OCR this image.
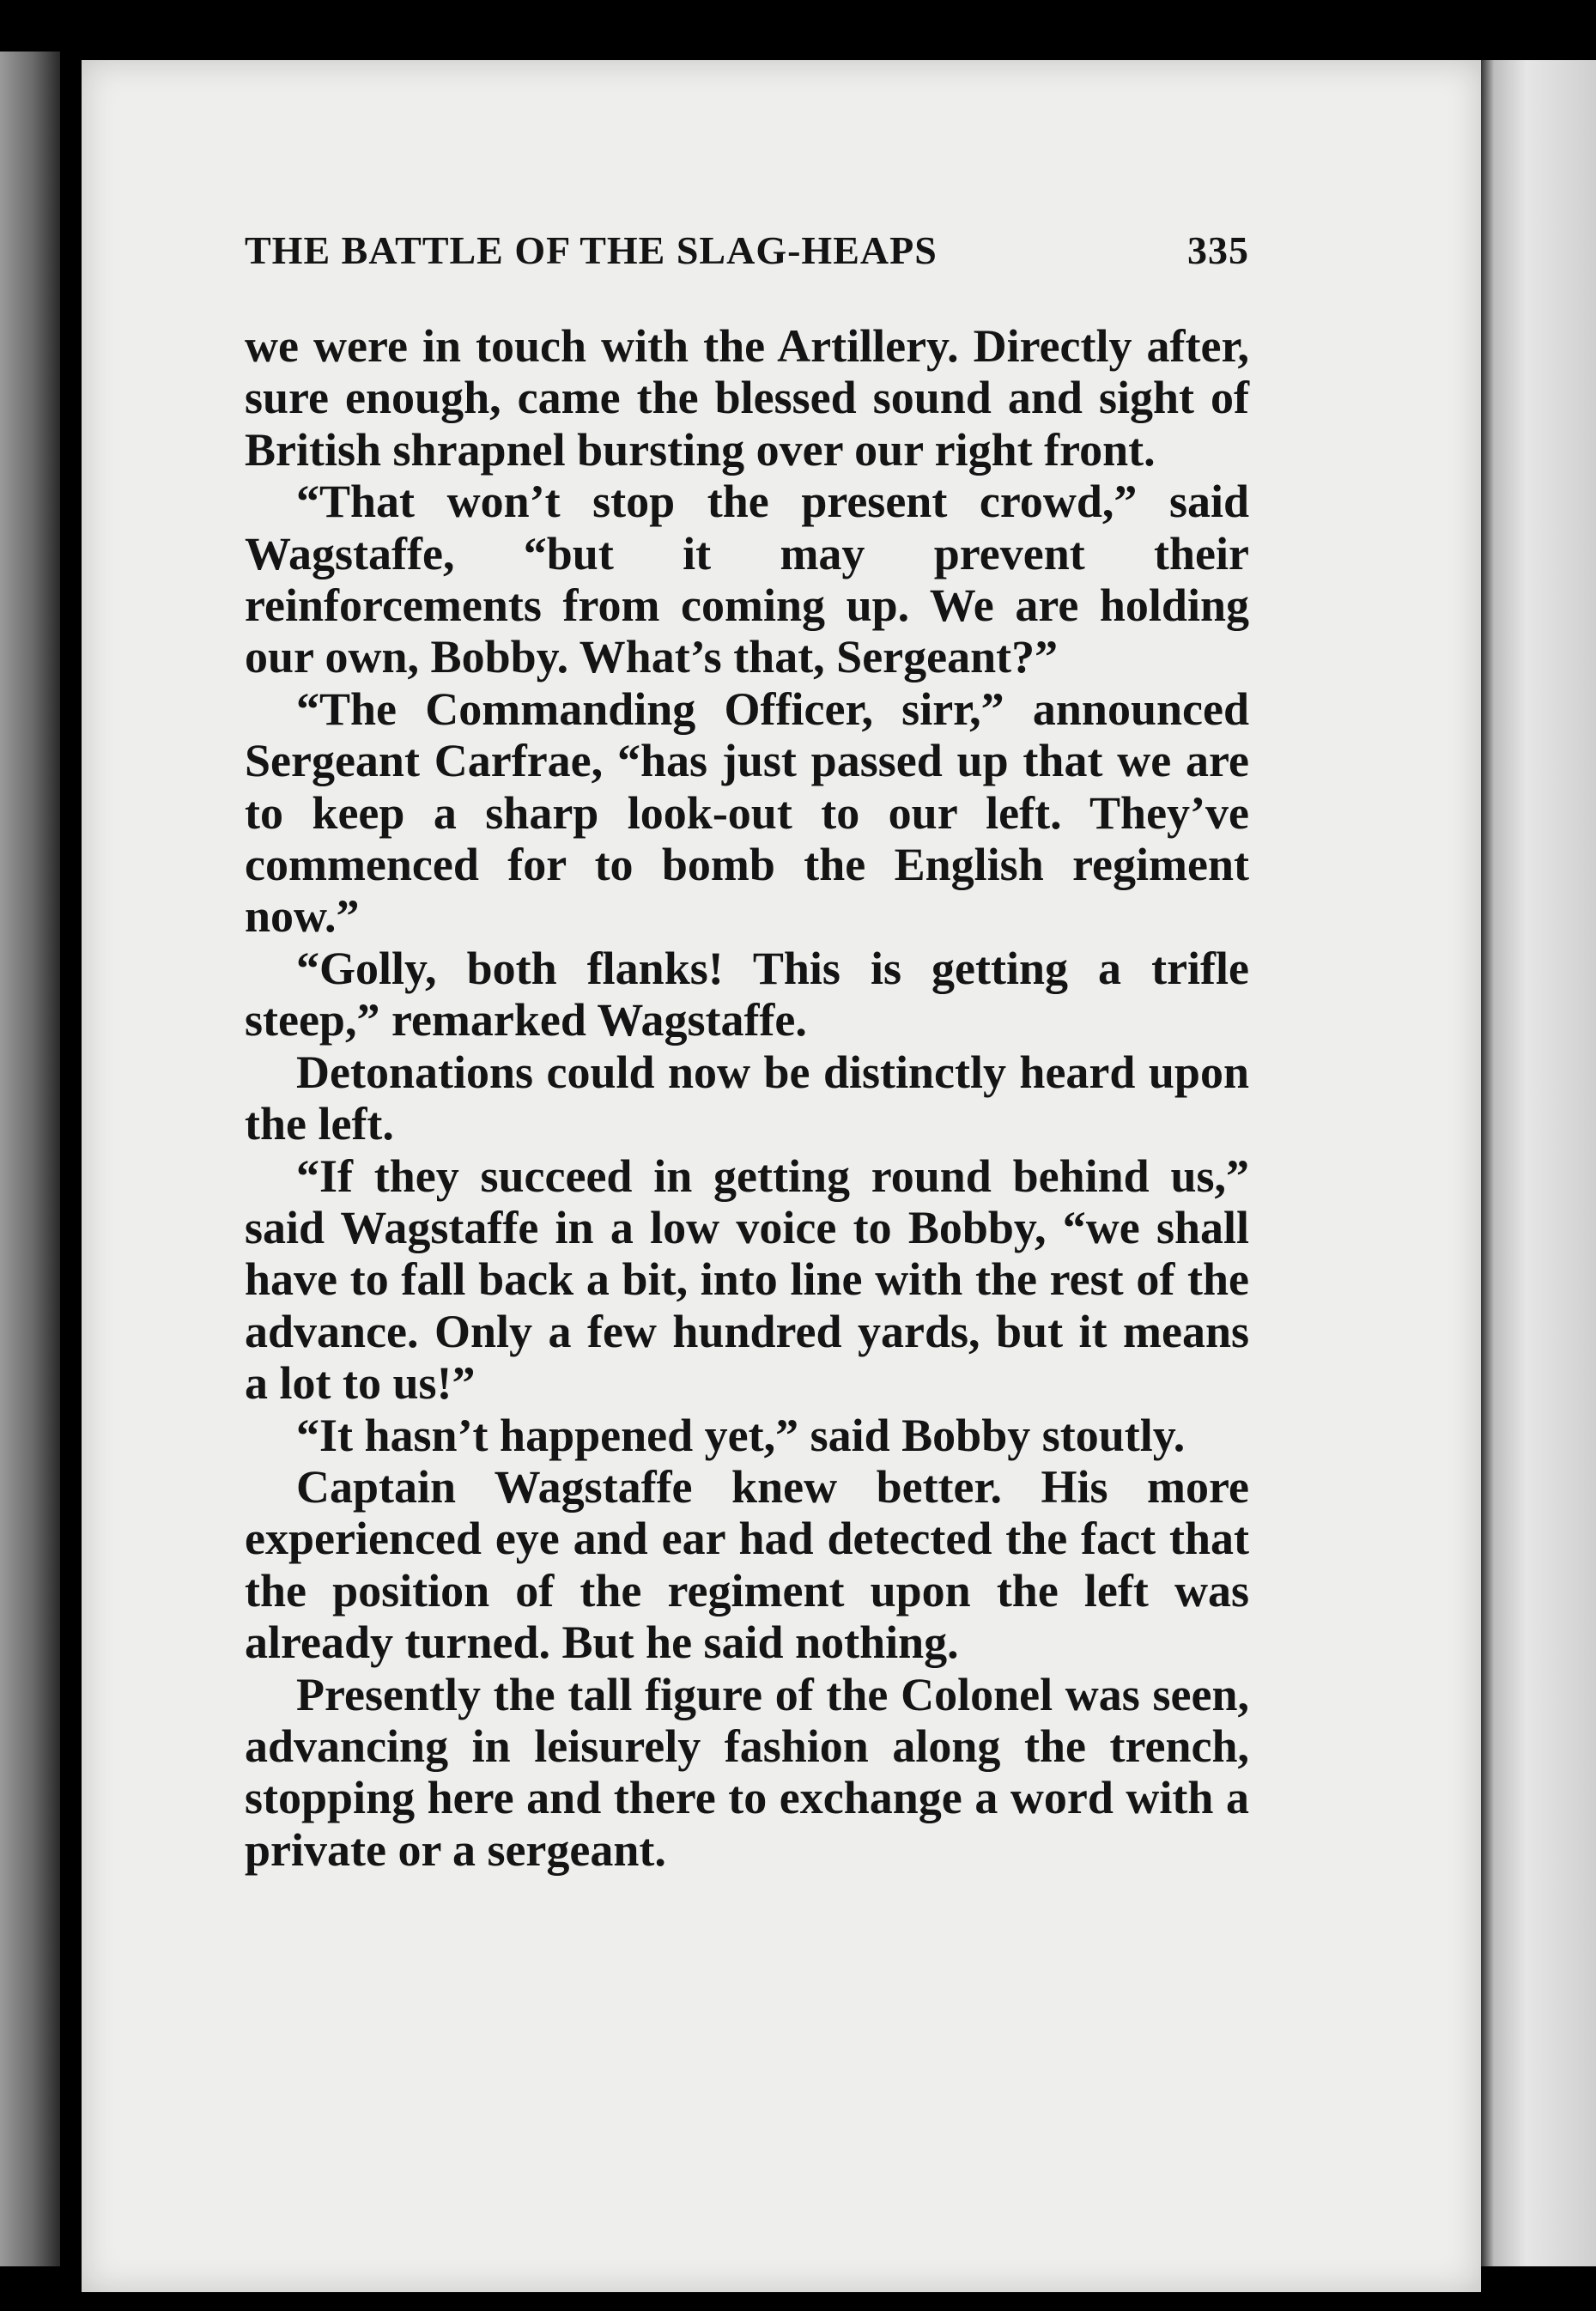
THE BATTLE OF THE SLAG-HEAPS	335

we were in touch with the Artillery. Directly after, sure enough, came the blessed sound and sight of British shrapnel bursting over our right front.

“That won’t stop the present crowd,” said Wagstaffe, “but it may prevent their reinforcements from coming up. We are holding our own, Bobby. What’s that, Sergeant?”

“The Commanding Officer, sirr,” announced Sergeant Carfrae, “has just passed up that we are to keep a sharp look-out to our left. They’ve commenced for to bomb the English regiment now.”

“Golly, both flanks! This is getting a trifle steep,” remarked Wagstaffe.

Detonations could now be distinctly heard upon the left.

“If they succeed in getting round behind us,” said Wagstaffe in a low voice to Bobby, “we shall have to fall back a bit, into line with the rest of the advance. Only a few hundred yards, but it means a lot to us!”

“It hasn’t happened yet,” said Bobby stoutly.

Captain Wagstaffe knew better. His more experienced eye and ear had detected the fact that the position of the regiment upon the left was already turned. But he said nothing.

Presently the tall figure of the Colonel was seen, advancing in leisurely fashion along the trench, stopping here and there to exchange a word with a private or a sergeant.
